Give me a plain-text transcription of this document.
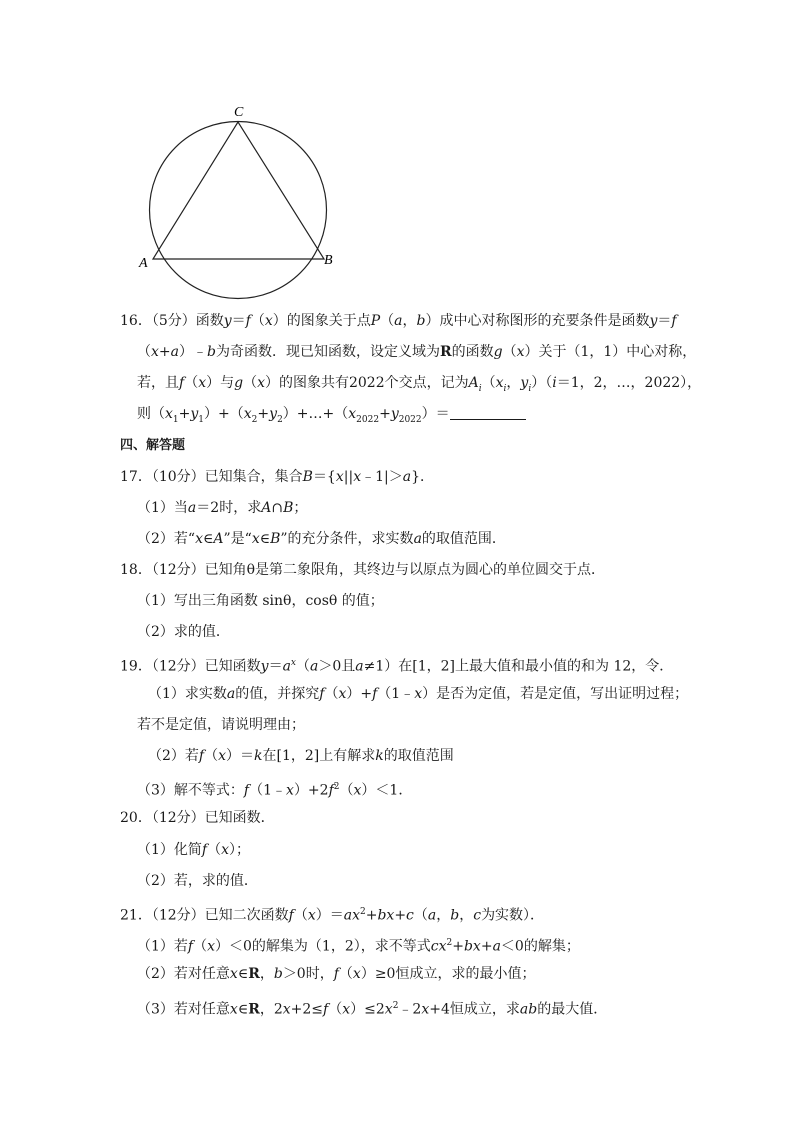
C
A	B
16．（5分）函数y＝f（x）的图象关于点P（a，b）成中心对称图形的充要条件是函数y＝f
（x+a）﹣b为奇函数．现已知函数，设定义域为R的函数g（x）关于（1，1）中心对称，
若，且f（x）与g（x）的图象共有2022个交点，记为$A_i(x_i$，$y_i)(i=1$，2，…，2022），
则$(x_1+y_1)+(x_2+y_2)+\dots+(x_{2022}+y_{2022})=$
四、解答题
17．（10分）已知集合，集合B＝{x||x﹣1|＞a}．
（1）当a＝2时，求A∩B；
（2）若“x∈A”是“x∈B”的充分条件，求实数a的取值范围．
18．（12分）已知角θ是第二象限角，其终边与以原点为圆心的单位圆交于点．
（1）写出三角函数 sinθ，cosθ 的值；
（2）求的值．
19．（12分）已知函数$y=a^x(a>0$且a≠1）在[1，2]上最大值和最小值的和为 12，令．
（1）求实数a的值，并探究f（x）+f（1﹣x）是否为定值，若是定值，写出证明过程；
若不是定值，请说明理由；
（2）若f（x）＝k在[1，2]上有解求k的取值范围
（3）解不等式：$f(1﹣x)+2f^2(x)<1$．
20．（12分）已知函数．
（1）化简f（x）；
（2）若，求的值．
21．（12分）已知二次函数$f(x)=ax^2+bx+c(a$，b，c为实数）．
（1）若f（x）＜0的解集为（1，2），求不等式$cx^2+bx+a<0$的解集；
（2）若对任意x∈R，b＞0时，f（x）≥0恒成立，求的最小值；
（3）若对任意x∈R，$2x+2\le f(x)\le 2x^2﹣2x+4$恒成立，求ab的最大值．
